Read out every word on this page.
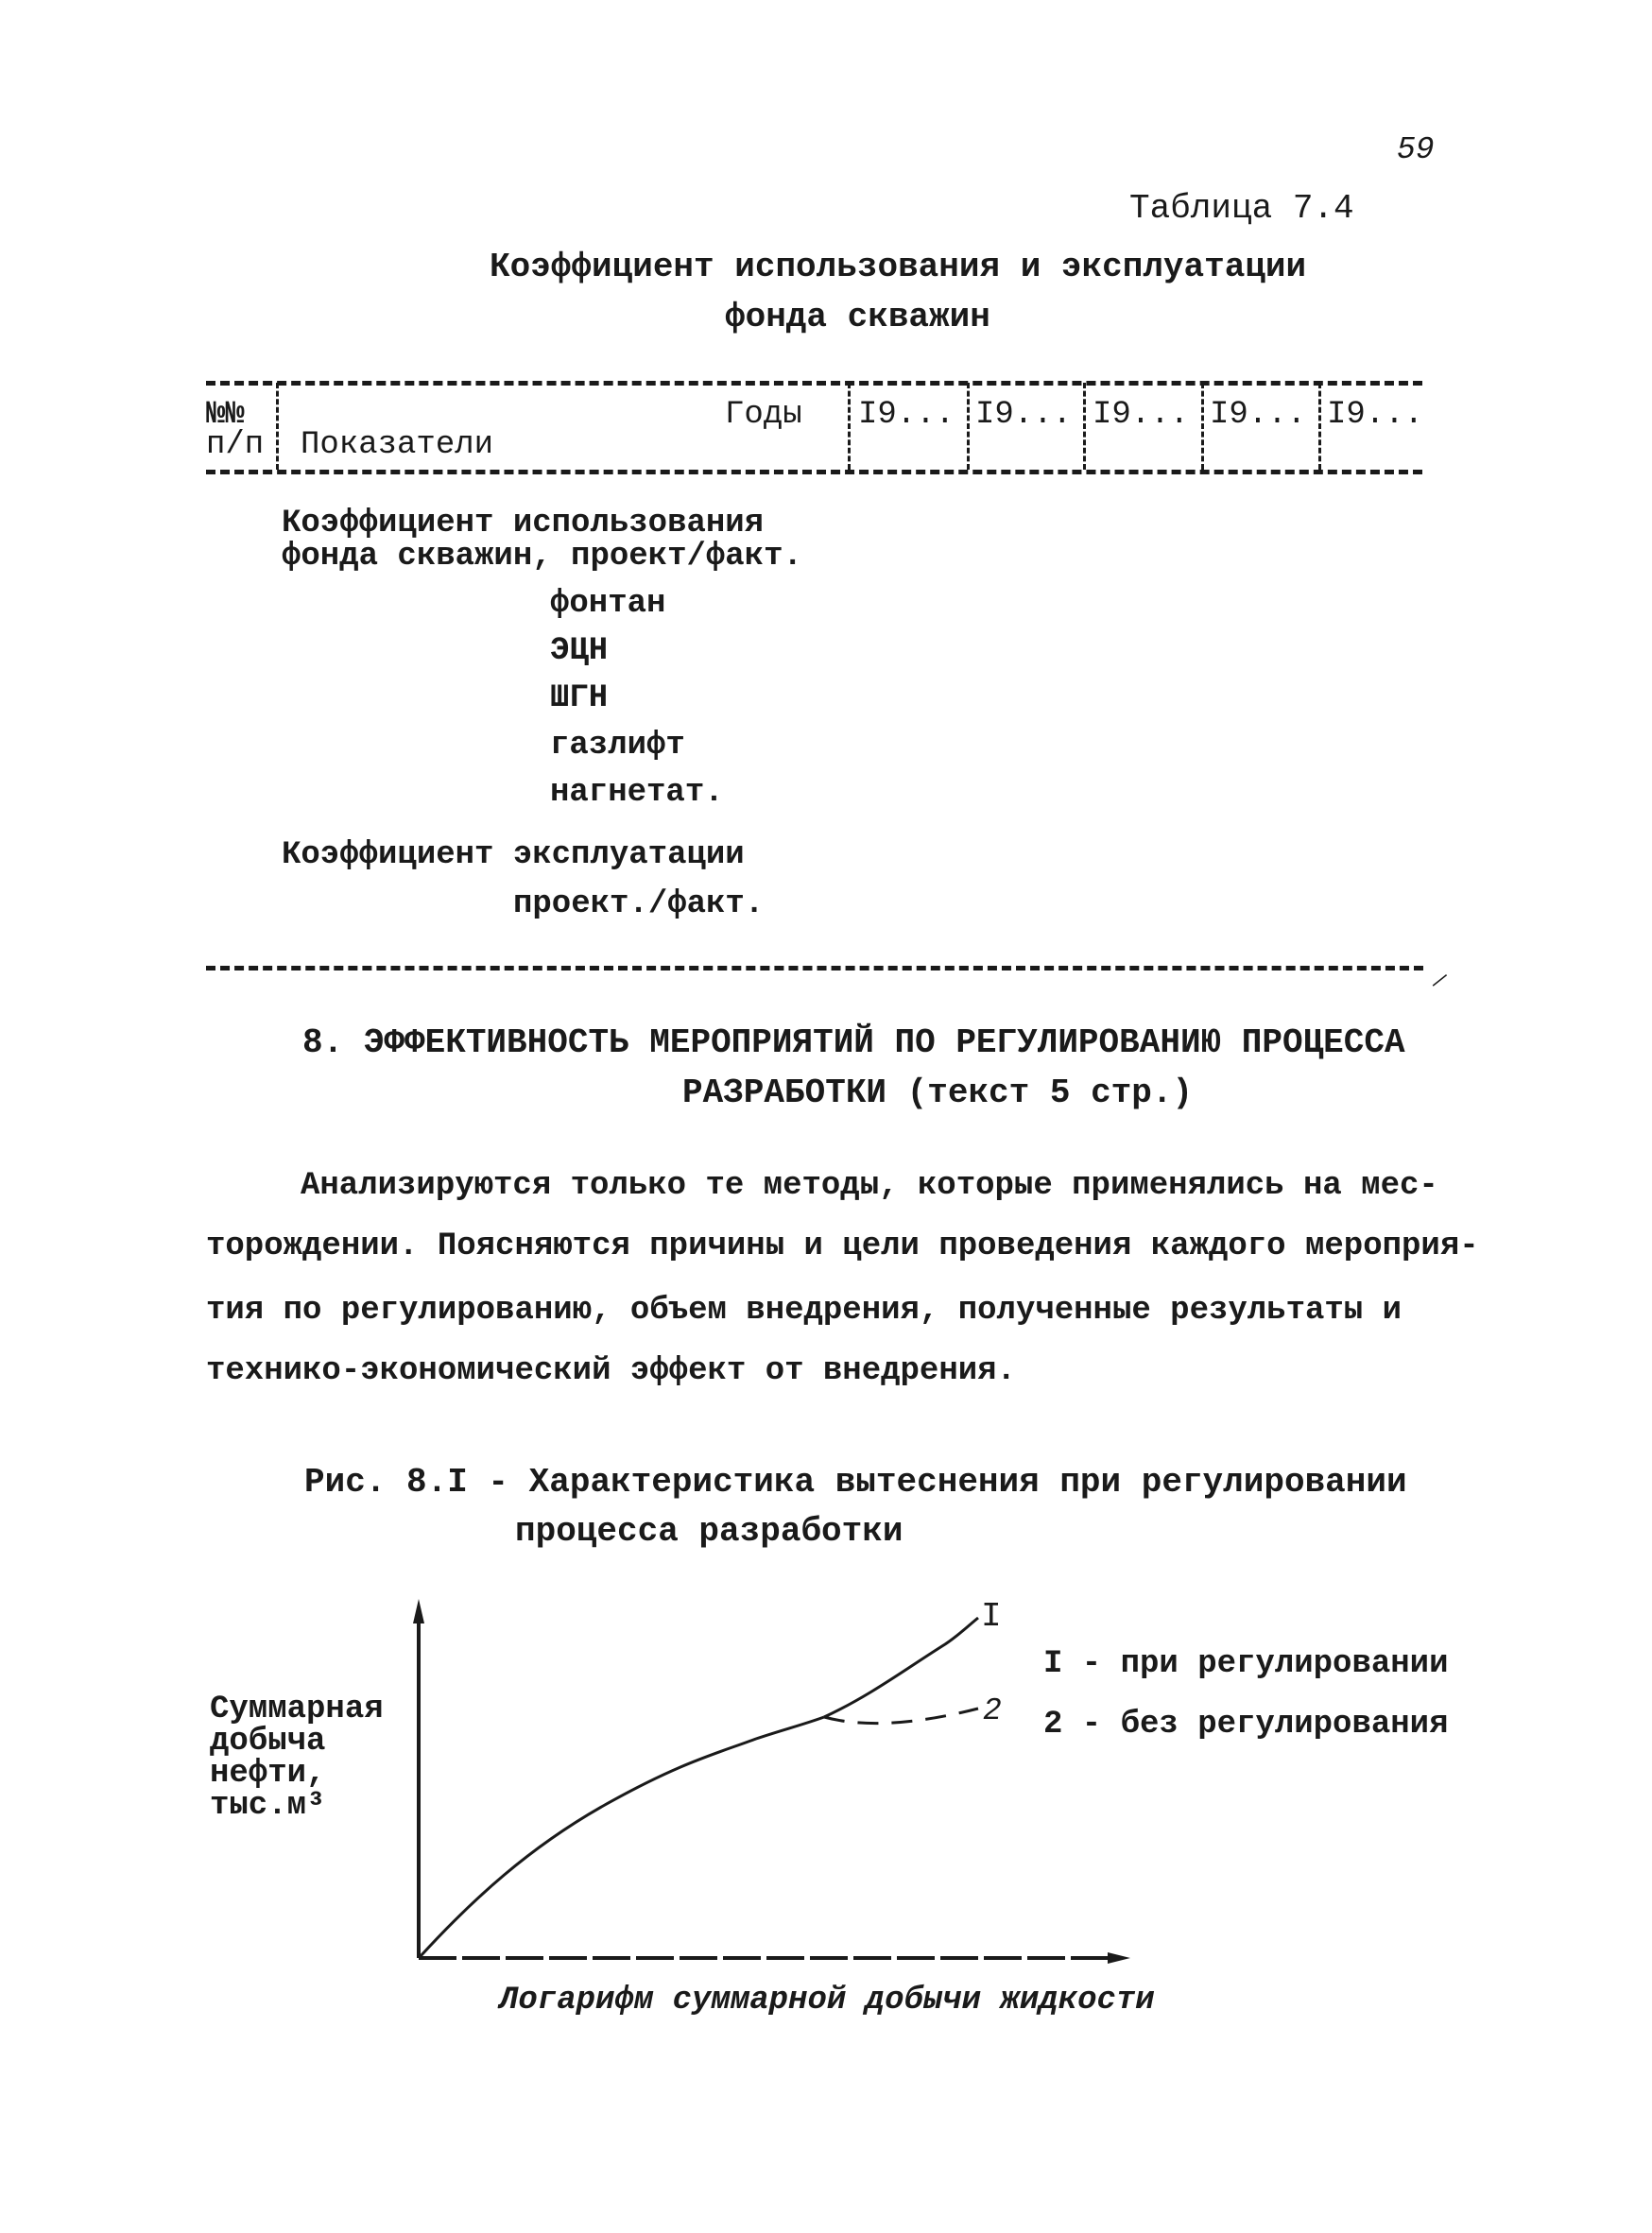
59
Таблица 7.4
Коэффициент использования и эксплуатации
фонда скважин
№№
п/п
Годы
Показатели
I9... I9... I9... I9... I9...
Коэффициент использования
фонда скважин, проект/факт.
фонтан
ЭЦН
ШГН
газлифт
нагнетат.
Коэффициент эксплуатации
проект./факт.
⸝
8. ЭФФЕКТИВНОСТЬ МЕРОПРИЯТИЙ ПО РЕГУЛИРОВАНИЮ ПРОЦЕССА
РАЗРАБОТКИ (текст 5 стр.)
Анализируются только те методы, которые применялись на мес-
торождении. Поясняются причины и цели проведения каждого мероприя-
тия по регулированию, объем внедрения, полученные результаты и
технико-экономический эффект от внедрения.
Рис. 8.I - Характеристика вытеснения при регулировании
процесса разработки
Суммарная
добыча
нефти,
тыс.м³
I
2
I - при регулировании
2 - без регулирования
Логарифм суммарной добычи жидкости
